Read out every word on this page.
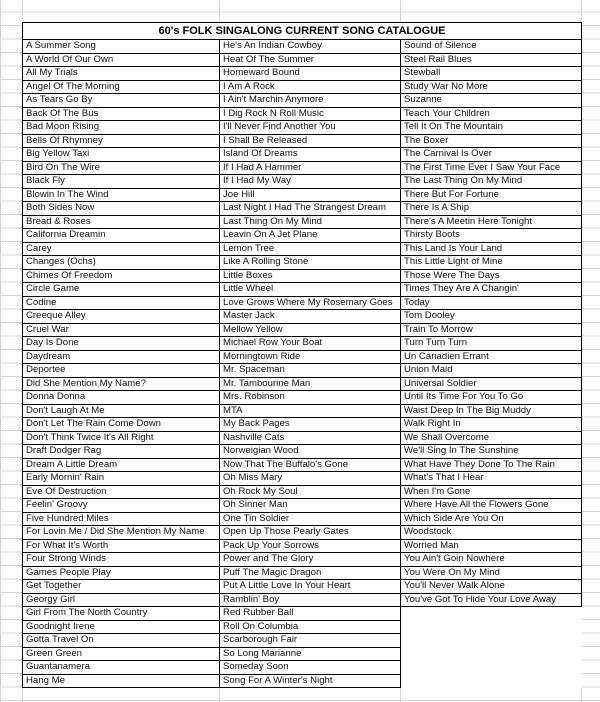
60's FOLK SINGALONG CURRENT SONG CATALOGUE		
A Summer Song	He's An Indian Cowboy	Sound of Silence
A World Of Our Own	Heat Of The Summer	Steel Rail Blues
All My Trials	Homeward Bound	Stewball
Angel Of The Morning	I Am A Rock	Study War No More
As Tears Go By	I Ain't Marchin Anymore	Suzanne
Back Of The Bus	I Dig Rock N Roll Music	Teach Your Children
Bad Moon Rising	I'll Never Find Another You	Tell It On The Mountain
Bells Of Rhymney	I Shall Be Released	The Boxer
Big Yellow Taxi	Island Of Dreams	The Carnival Is Over
Bird On The Wire	If I Had A Hammer	The First Time Ever I Saw Your Face
Black Fly	If I Had My Way	The Last Thing On My Mind
Blowin In The Wind	Joe Hill	There But For Fortune
Both Sides Now	Last Night I Had The Strangest Dream	There Is A Ship
Bread & Roses	Last Thing On My Mind	There's A Meetin Here Tonight
California Dreamin	Leavin On A Jet Plane	Thirsty Boots
Carey	Lemon Tree	This Land Is Your Land
Changes (Ochs)	Like A Rolling Stone	This Little Light of Mine
Chimes Of Freedom	Little Boxes	Those Were The Days
Circle Game	Little Wheel	Times They Are A Changin'
Codine	Love Grows Where My Rosemary Goes	Today
Creeque Alley	Master Jack	Tom Dooley
Cruel War	Mellow Yellow	Train To Morrow
Day Is Done	Michael Row Your Boat	Turn Turn Turn
Daydream	Morningtown Ride	Un Canadien Errant
Deportee	Mr. Spaceman	Union Maid
Did She Mention My Name?	Mr. Tambourine Man	Universal Soldier
Donna Donna	Mrs. Robinson	Until Its Time For You To Go
Don't Laugh At Me	MTA	Waist Deep In The Big Muddy
Don't Let The Rain Come Down	My Back Pages	Walk Right In
Don't Think Twice It's All Right	Nashville Cats	We Shall Overcome
Draft Dodger Rag	Norweigian Wood	We'll Sing In The Sunshine
Dream A Little Dream	Now That The Buffalo's Gone	What Have They Done To The Rain
Early Mornin' Rain	Oh Miss Mary	What's That I Hear
Eve Of Destruction	Oh Rock My Soul	When I'm Gone
Feelin' Groovy	Oh Sinner Man	Where Have All the Flowers Gone
Five Hundred Miles	One Tin Soldier	Which Side Are You On
For Lovin Me / Did She Mention My Name	Open Up Those Pearly Gates	Woodstock
For What It's Worth	Pack Up Your Sorrows	Worried Man
Four Strong Winds	Power and The Glory	You Ain't Goin Nowhere
Games People Play	Puff The Magic Dragon	You Were On My Mind
Get Together	Put A Little Love In Your Heart	You'll Never Walk Alone
Georgy Girl	Ramblin' Boy	You've Got To Hide Your Love Away
Girl From The North Country	Red Rubber Ball	
Goodnight Irene	Roll On Columbia	
Gotta Travel On	Scarborough Fair	
Green Green	So Long Marianne	
Guantanamera	Someday Soon	
Hang Me	Song For A Winter's Night	
